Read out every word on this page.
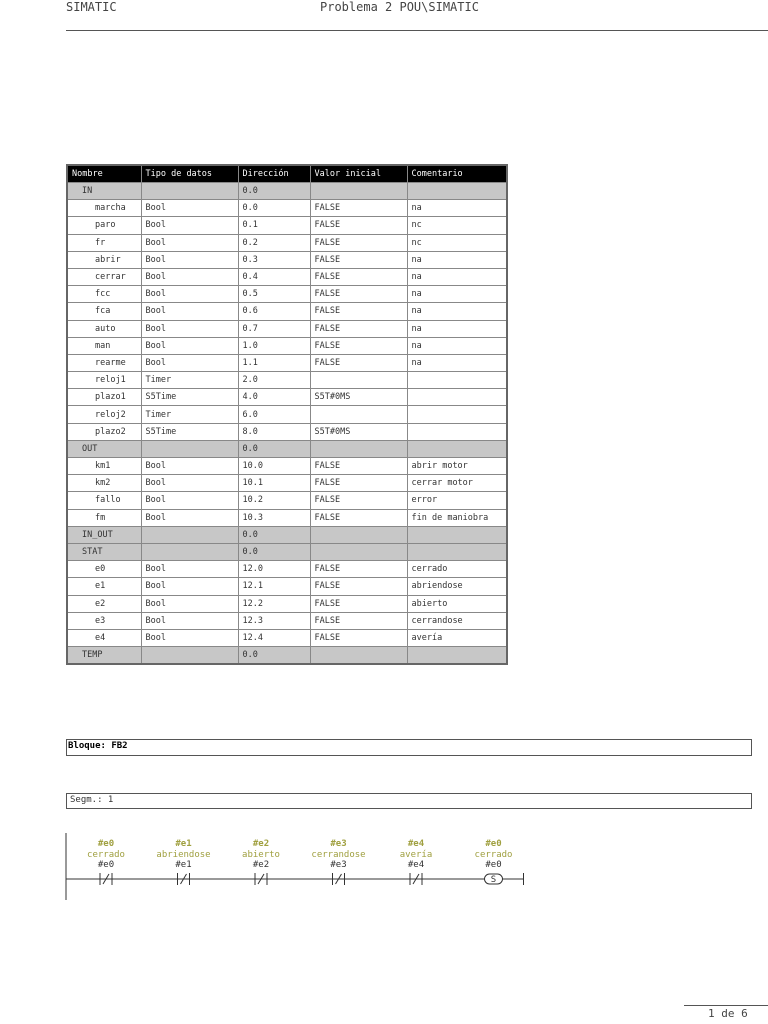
SIMATIC	Problema 2 POU\SIMATIC
Nombre	Tipo de datos	Dirección	Valor inicial	Comentario
IN		0.0		
marcha	Bool	0.0	FALSE	na
paro	Bool	0.1	FALSE	nc
fr	Bool	0.2	FALSE	nc
abrir	Bool	0.3	FALSE	na
cerrar	Bool	0.4	FALSE	na
fcc	Bool	0.5	FALSE	na
fca	Bool	0.6	FALSE	na
auto	Bool	0.7	FALSE	na
man	Bool	1.0	FALSE	na
rearme	Bool	1.1	FALSE	na
reloj1	Timer	2.0		
plazo1	S5Time	4.0	S5T#0MS	
reloj2	Timer	6.0		
plazo2	S5Time	8.0	S5T#0MS	
OUT		0.0		
km1	Bool	10.0	FALSE	abrir motor
km2	Bool	10.1	FALSE	cerrar motor
fallo	Bool	10.2	FALSE	error
fm	Bool	10.3	FALSE	fin de maniobra
IN_OUT		0.0		
STAT		0.0		
e0	Bool	12.0	FALSE	cerrado
e1	Bool	12.1	FALSE	abriendose
e2	Bool	12.2	FALSE	abierto
e3	Bool	12.3	FALSE	cerrandose
e4	Bool	12.4	FALSE	avería
TEMP		0.0		
Bloque: FB2
Segm.: 1
#e0
cerrado
#e0
#e1
abriendose
#e1
#e2
abierto
#e2
#e3
cerrandose
#e3
#e4
avería
#e4
#e0
cerrado
#e0
S
1 de 6
